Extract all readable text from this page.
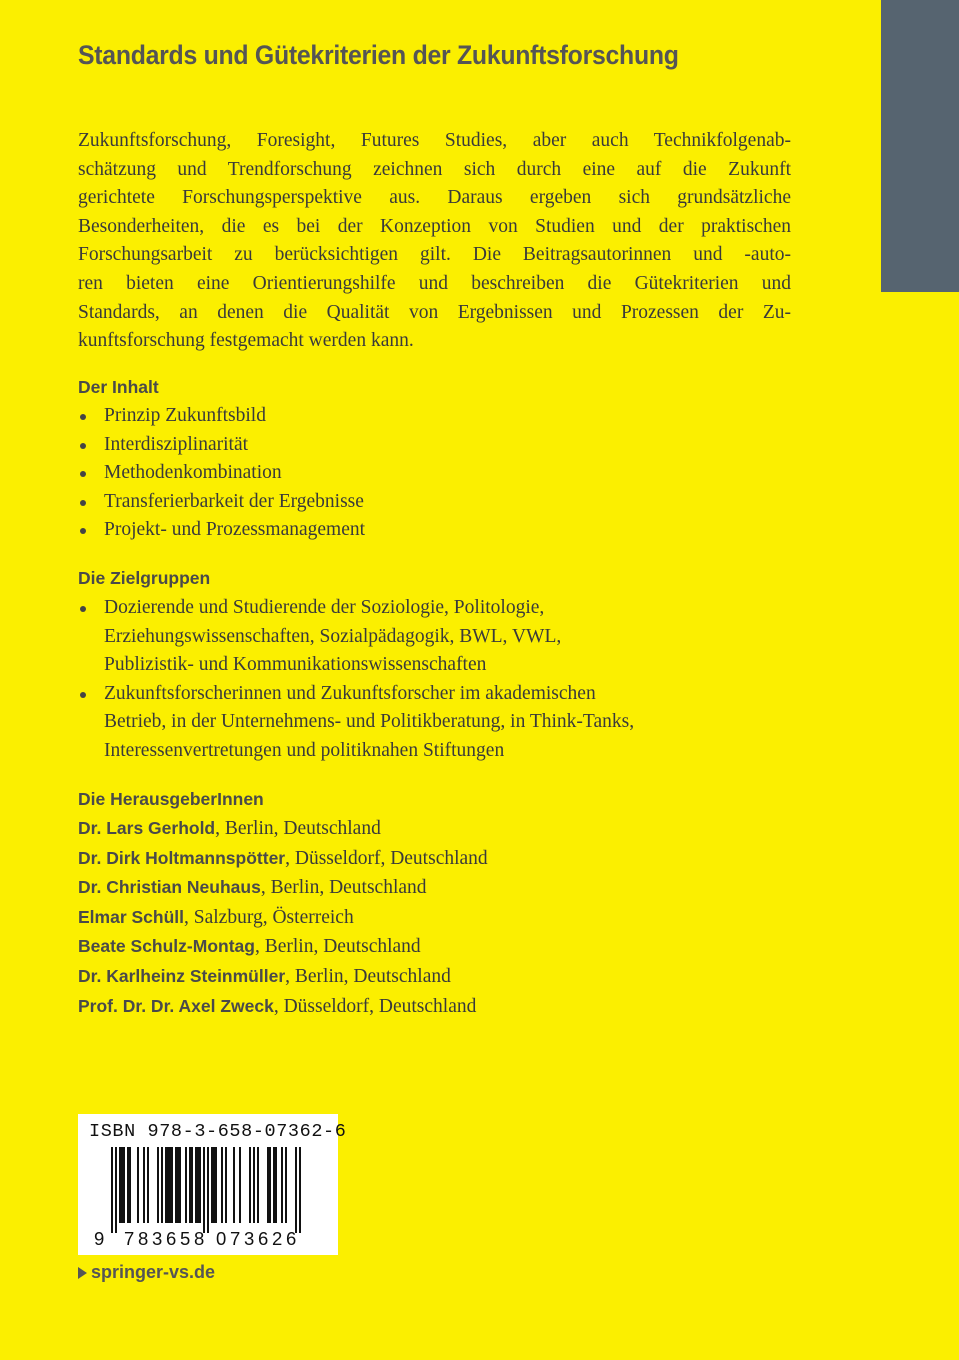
Standards und Gütekriterien der Zukunftsforschung
Zukunftsforschung, Foresight, Futures Studies, aber auch Technikfolgenab-
schätzung und Trendforschung zeichnen sich durch eine auf die Zukunft
gerichtete Forschungsperspektive aus. Daraus ergeben sich grundsätzliche
Besonderheiten, die es bei der Konzeption von Studien und der praktischen
Forschungsarbeit zu berücksichtigen gilt. Die Beitragsautorinnen und -auto-
ren bieten eine Orientierungshilfe und beschreiben die Gütekriterien und
Standards, an denen die Qualität von Ergebnissen und Prozessen der Zu-
kunftsforschung festgemacht werden kann.
Der Inhalt
Prinzip Zukunftsbild
Interdisziplinarität
Methodenkombination
Transferierbarkeit der Ergebnisse
Projekt- und Prozessmanagement
Die Zielgruppen
Dozierende und Studierende der Soziologie, Politologie,
Erziehungswissenschaften, Sozialpädagogik, BWL, VWL,
Publizistik- und Kommunikationswissenschaften
Zukunftsforscherinnen und Zukunftsforscher im akademischen
Betrieb, in der Unternehmens- und Politikberatung, in Think-Tanks,
Interessenvertretungen und politiknahen Stiftungen
Die HerausgeberInnen
Dr. Lars Gerhold, Berlin, Deutschland
Dr. Dirk Holtmannspötter, Düsseldorf, Deutschland
Dr. Christian Neuhaus, Berlin, Deutschland
Elmar Schüll, Salzburg, Österreich
Beate Schulz-Montag, Berlin, Deutschland
Dr. Karlheinz Steinmüller, Berlin, Deutschland
Prof. Dr. Dr. Axel Zweck, Düsseldorf, Deutschland
ISBN 978-3-658-07362-6
9 7 8 3 6 5 8 0 7 3 6 2 6
springer-vs.de
